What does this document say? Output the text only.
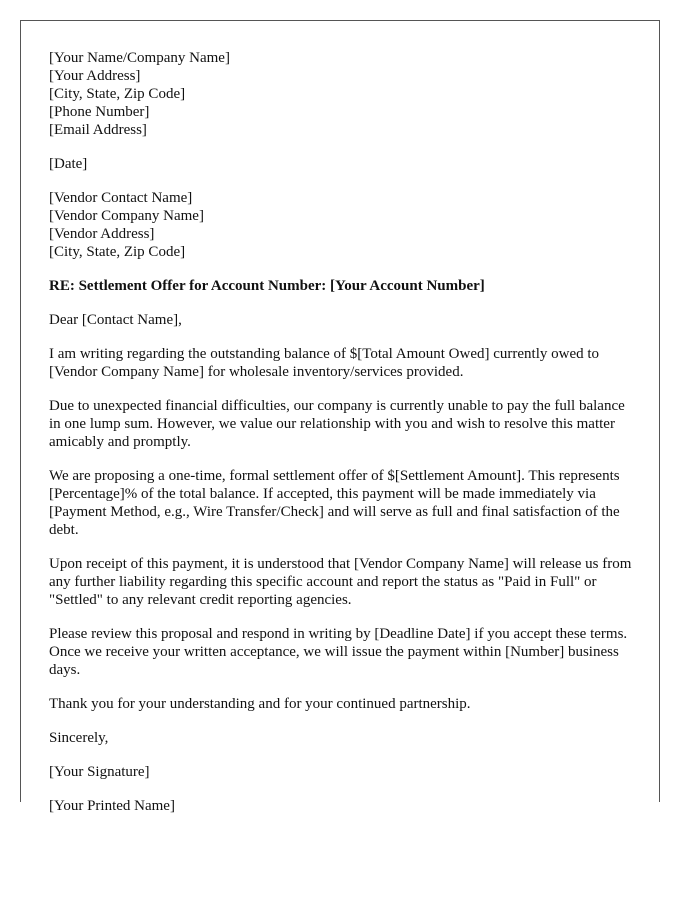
[Your Name/Company Name]
[Your Address]
[City, State, Zip Code]
[Phone Number]
[Email Address]
[Date]
[Vendor Contact Name]
[Vendor Company Name]
[Vendor Address]
[City, State, Zip Code]

RE: Settlement Offer for Account Number: [Your Account Number]

Dear [Contact Name],

I am writing regarding the outstanding balance of $[Total Amount Owed] currently owed to [Vendor Company Name] for wholesale inventory/services provided.

Due to unexpected financial difficulties, our company is currently unable to pay the full balance in one lump sum. However, we value our relationship with you and wish to resolve this matter amicably and promptly.

We are proposing a one-time, formal settlement offer of $[Settlement Amount]. This represents [Percentage]% of the total balance. If accepted, this payment will be made immediately via [Payment Method, e.g., Wire Transfer/Check] and will serve as full and final satisfaction of the debt.

Upon receipt of this payment, it is understood that [Vendor Company Name] will release us from any further liability regarding this specific account and report the status as "Paid in Full" or "Settled" to any relevant credit reporting agencies.

Please review this proposal and respond in writing by [Deadline Date] if you accept these terms. Once we receive your written acceptance, we will issue the payment within [Number] business days.

Thank you for your understanding and for your continued partnership.

Sincerely,

[Your Signature]

[Your Printed Name]
